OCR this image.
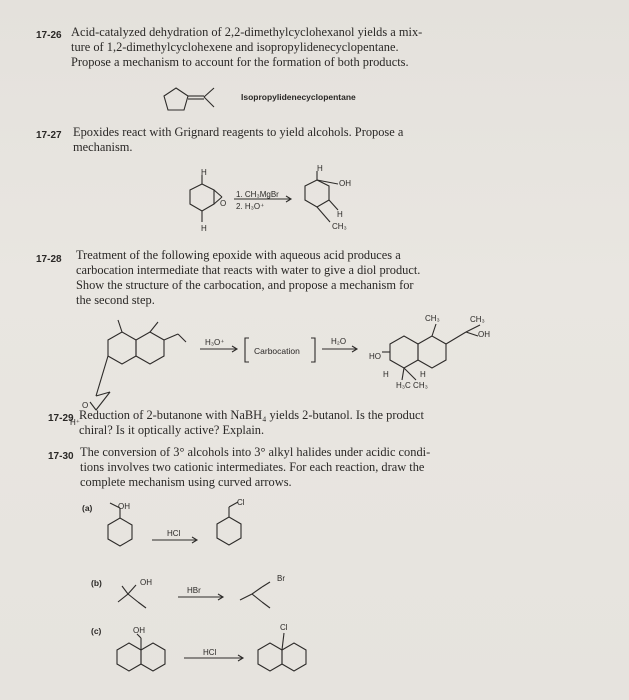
17-26 Acid-catalyzed dehydration of 2,2-dimethylcyclohexanol yields a mix-
ture of 1,2-dimethylcyclohexene and isopropylidenecyclopentane.
Propose a mechanism to account for the formation of both products.
Isopropylidenecyclopentane
17-27 Epoxides react with Grignard reagents to yield alcohols. Propose a
mechanism.
1. CH₃MgBr
2. H₃O⁺
H
O
H
H
OH
H
CH₃
17-28 Treatment of the following epoxide with aqueous acid produces a
carbocation intermediate that reacts with water to give a diol product.
Show the structure of the carbocation, and propose a mechanism for
the second step.
H₃O⁺
Carbocation
H₂O
O
H⁺
CH₃	CH₃
OH
HO
H	H
H₃C CH₃
17-29 Reduction of 2-butanone with NaBH₄ yields 2-butanol. Is the product
chiral? Is it optically active? Explain.
17-30 The conversion of 3° alcohols into 3° alkyl halides under acidic condi-
tions involves two cationic intermediates. For each reaction, draw the
complete mechanism using curved arrows.
(a)	OH
HCl
Cl
(b)	OH
HBr
Br
(c)	OH
HCl
Cl
